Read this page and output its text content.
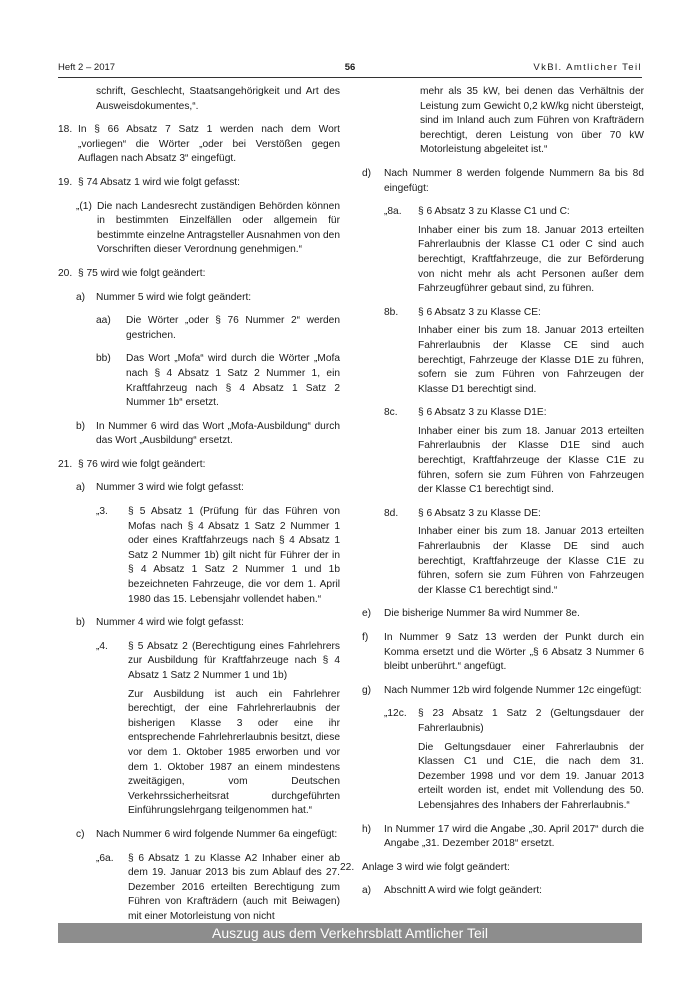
Heft 2 – 2017	56	VkBl. Amtlicher Teil
schrift, Geschlecht, Staatsangehörigkeit und Art des Ausweisdokumentes,“.
18. In § 66 Absatz 7 Satz 1 werden nach dem Wort „vorliegen“ die Wörter „oder bei Verstößen gegen Auflagen nach Absatz 3“ eingefügt.
19. § 74 Absatz 1 wird wie folgt gefasst:
„(1) Die nach Landesrecht zuständigen Behörden können in bestimmten Einzelfällen oder allgemein für bestimmte einzelne Antragsteller Ausnahmen von den Vorschriften dieser Verordnung genehmigen.“
20. § 75 wird wie folgt geändert:
a) Nummer 5 wird wie folgt geändert:
aa) Die Wörter „oder § 76 Nummer 2“ werden gestrichen.
bb) Das Wort „Mofa“ wird durch die Wörter „Mofa nach § 4 Absatz 1 Satz 2 Nummer 1, ein Kraftfahrzeug nach § 4 Absatz 1 Satz 2 Nummer 1b“ ersetzt.
b) In Nummer 6 wird das Wort „Mofa-Ausbildung“ durch das Wort „Ausbildung“ ersetzt.
21. § 76 wird wie folgt geändert:
a) Nummer 3 wird wie folgt gefasst:
„3. § 5 Absatz 1 (Prüfung für das Führen von Mofas nach § 4 Absatz 1 Satz 2 Nummer 1 oder eines Kraftfahrzeugs nach § 4 Absatz 1 Satz 2 Nummer 1b) gilt nicht für Führer der in § 4 Absatz 1 Satz 2 Nummer 1 und 1b bezeichneten Fahrzeuge, die vor dem 1. April 1980 das 15. Lebensjahr vollendet haben.“
b) Nummer 4 wird wie folgt gefasst:
„4. § 5 Absatz 2 (Berechtigung eines Fahrlehrers zur Ausbildung für Kraftfahrzeuge nach § 4 Absatz 1 Satz 2 Nummer 1 und 1b)
Zur Ausbildung ist auch ein Fahrlehrer berechtigt, der eine Fahrlehrerlaubnis der bisherigen Klasse 3 oder eine ihr entsprechende Fahrlehrerlaubnis besitzt, diese vor dem 1. Oktober 1985 erworben und vor dem 1. Oktober 1987 an einem mindestens zweitägigen, vom Deutschen Verkehrssicherheitsrat durchgeführten Einführungslehrgang teilgenommen hat.“
c) Nach Nummer 6 wird folgende Nummer 6a eingefügt:
„6a. § 6 Absatz 1 zu Klasse A2 Inhaber einer ab dem 19. Januar 2013 bis zum Ablauf des 27. Dezember 2016 erteilten Berechtigung zum Führen von Krafträdern (auch mit Beiwagen) mit einer Motorleistung von nicht
mehr als 35 kW, bei denen das Verhältnis der Leistung zum Gewicht 0,2 kW/kg nicht übersteigt, sind im Inland auch zum Führen von Krafträdern berechtigt, deren Leistung von über 70 kW Motorleistung abgeleitet ist.“
d) Nach Nummer 8 werden folgende Nummern 8a bis 8d eingefügt:
„8a. § 6 Absatz 3 zu Klasse C1 und C:
Inhaber einer bis zum 18. Januar 2013 erteilten Fahrerlaubnis der Klasse C1 oder C sind auch berechtigt, Kraftfahrzeuge, die zur Beförderung von nicht mehr als acht Personen außer dem Fahrzeugführer gebaut sind, zu führen.
8b. § 6 Absatz 3 zu Klasse CE:
Inhaber einer bis zum 18. Januar 2013 erteilten Fahrerlaubnis der Klasse CE sind auch berechtigt, Fahrzeuge der Klasse D1E zu führen, sofern sie zum Führen von Fahrzeugen der Klasse D1 berechtigt sind.
8c. § 6 Absatz 3 zu Klasse D1E:
Inhaber einer bis zum 18. Januar 2013 erteilten Fahrerlaubnis der Klasse D1E sind auch berechtigt, Kraftfahrzeuge der Klasse C1E zu führen, sofern sie zum Führen von Fahrzeugen der Klasse C1 berechtigt sind.
8d. § 6 Absatz 3 zu Klasse DE:
Inhaber einer bis zum 18. Januar 2013 erteilten Fahrerlaubnis der Klasse DE sind auch berechtigt, Kraftfahrzeuge der Klasse C1E zu führen, sofern sie zum Führen von Fahrzeugen der Klasse C1 berechtigt sind.“
e) Die bisherige Nummer 8a wird Nummer 8e.
f) In Nummer 9 Satz 13 werden der Punkt durch ein Komma ersetzt und die Wörter „§ 6 Absatz 3 Nummer 6 bleibt unberührt.“ angefügt.
g) Nach Nummer 12b wird folgende Nummer 12c eingefügt:
„12c. § 23 Absatz 1 Satz 2 (Geltungsdauer der Fahrerlaubnis)
Die Geltungsdauer einer Fahrerlaubnis der Klassen C1 und C1E, die nach dem 31. Dezember 1998 und vor dem 19. Januar 2013 erteilt worden ist, endet mit Vollendung des 50. Lebensjahres des Inhabers der Fahrerlaubnis.“
h) In Nummer 17 wird die Angabe „30. April 2017“ durch die Angabe „31. Dezember 2018“ ersetzt.
22. Anlage 3 wird wie folgt geändert:
a) Abschnitt A wird wie folgt geändert:
Auszug aus dem Verkehrsblatt Amtlicher Teil
